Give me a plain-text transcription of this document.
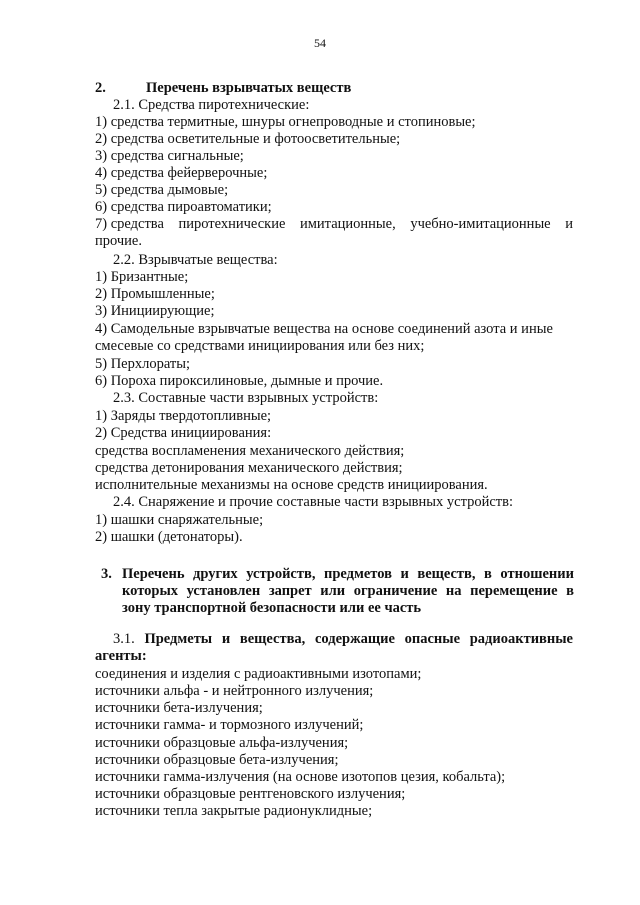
54
2.	Перечень взрывчатых веществ
2.1. Средства пиротехнические:
1) средства термитные, шнуры огнепроводные и стопиновые;
2) средства осветительные и фотоосветительные;
3) средства сигнальные;
4) средства фейерверочные;
5) средства дымовые;
6) средства пироавтоматики;
7) средства пиротехнические имитационные, учебно-имитационные и
прочие.
2.2. Взрывчатые вещества:
1) Бризантные;
2) Промышленные;
3) Инициирующие;
4) Самодельные взрывчатые вещества на основе соединений азота и иные
смесевые со средствами инициирования или без них;
5) Перхлораты;
6) Пороха пироксилиновые, дымные и прочие.
2.3. Составные части взрывных устройств:
1) Заряды твердотопливные;
2) Средства инициирования:
средства воспламенения механического действия;
средства детонирования механического действия;
исполнительные механизмы на основе средств инициирования.
2.4. Снаряжение и прочие составные части взрывных устройств:
1) шашки снаряжательные;
2) шашки (детонаторы).
3. Перечень других устройств, предметов и веществ, в отношении
которых установлен запрет или ограничение на перемещение в
зону транспортной безопасности или ее часть
3.1. Предметы и вещества, содержащие опасные радиоактивные
агенты:
соединения и изделия с радиоактивными изотопами;
источники альфа - и нейтронного излучения;
источники бета-излучения;
источники гамма- и тормозного излучений;
источники образцовые альфа-излучения;
источники образцовые бета-излучения;
источники гамма-излучения (на основе изотопов цезия, кобальта);
источники образцовые рентгеновского излучения;
источники тепла закрытые радионуклидные;
